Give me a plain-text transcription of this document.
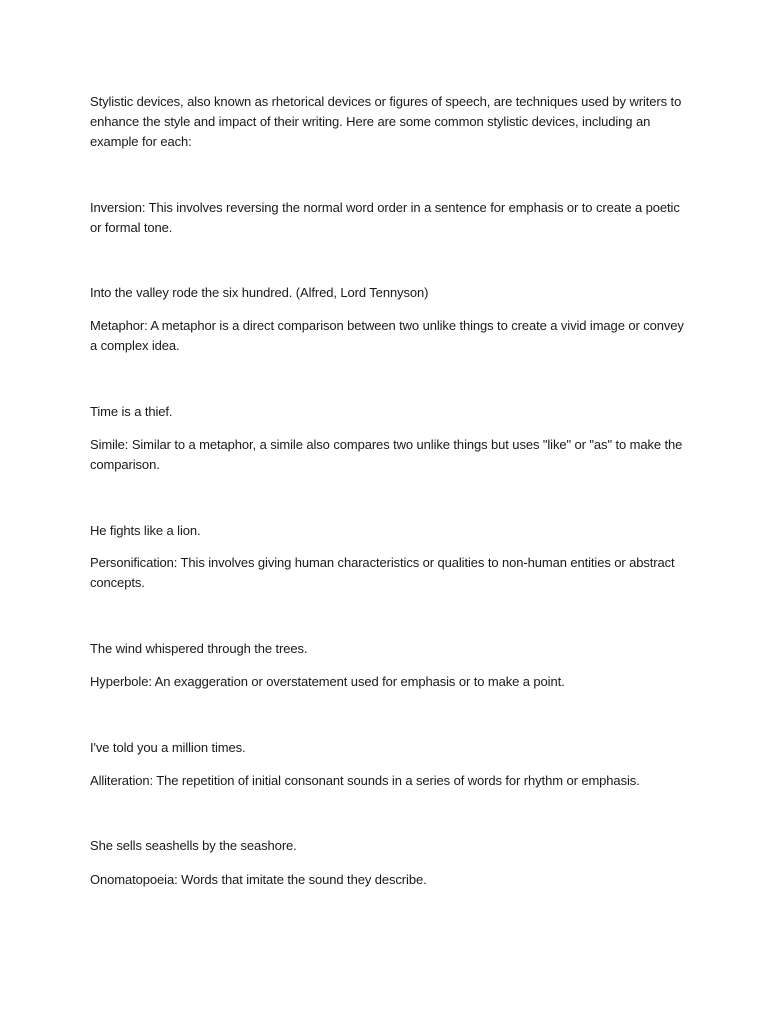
Stylistic devices, also known as rhetorical devices or figures of speech, are techniques used by writers to enhance the style and impact of their writing. Here are some common stylistic devices, including an example for each:

Inversion: This involves reversing the normal word order in a sentence for emphasis or to create a poetic or formal tone.

Into the valley rode the six hundred. (Alfred, Lord Tennyson)

Metaphor: A metaphor is a direct comparison between two unlike things to create a vivid image or convey a complex idea.

Time is a thief.

Simile: Similar to a metaphor, a simile also compares two unlike things but uses "like" or "as" to make the comparison.

He fights like a lion.

Personification: This involves giving human characteristics or qualities to non-human entities or abstract concepts.

The wind whispered through the trees.

Hyperbole: An exaggeration or overstatement used for emphasis or to make a point.

I've told you a million times.

Alliteration: The repetition of initial consonant sounds in a series of words for rhythm or emphasis.

She sells seashells by the seashore.

Onomatopoeia: Words that imitate the sound they describe.
